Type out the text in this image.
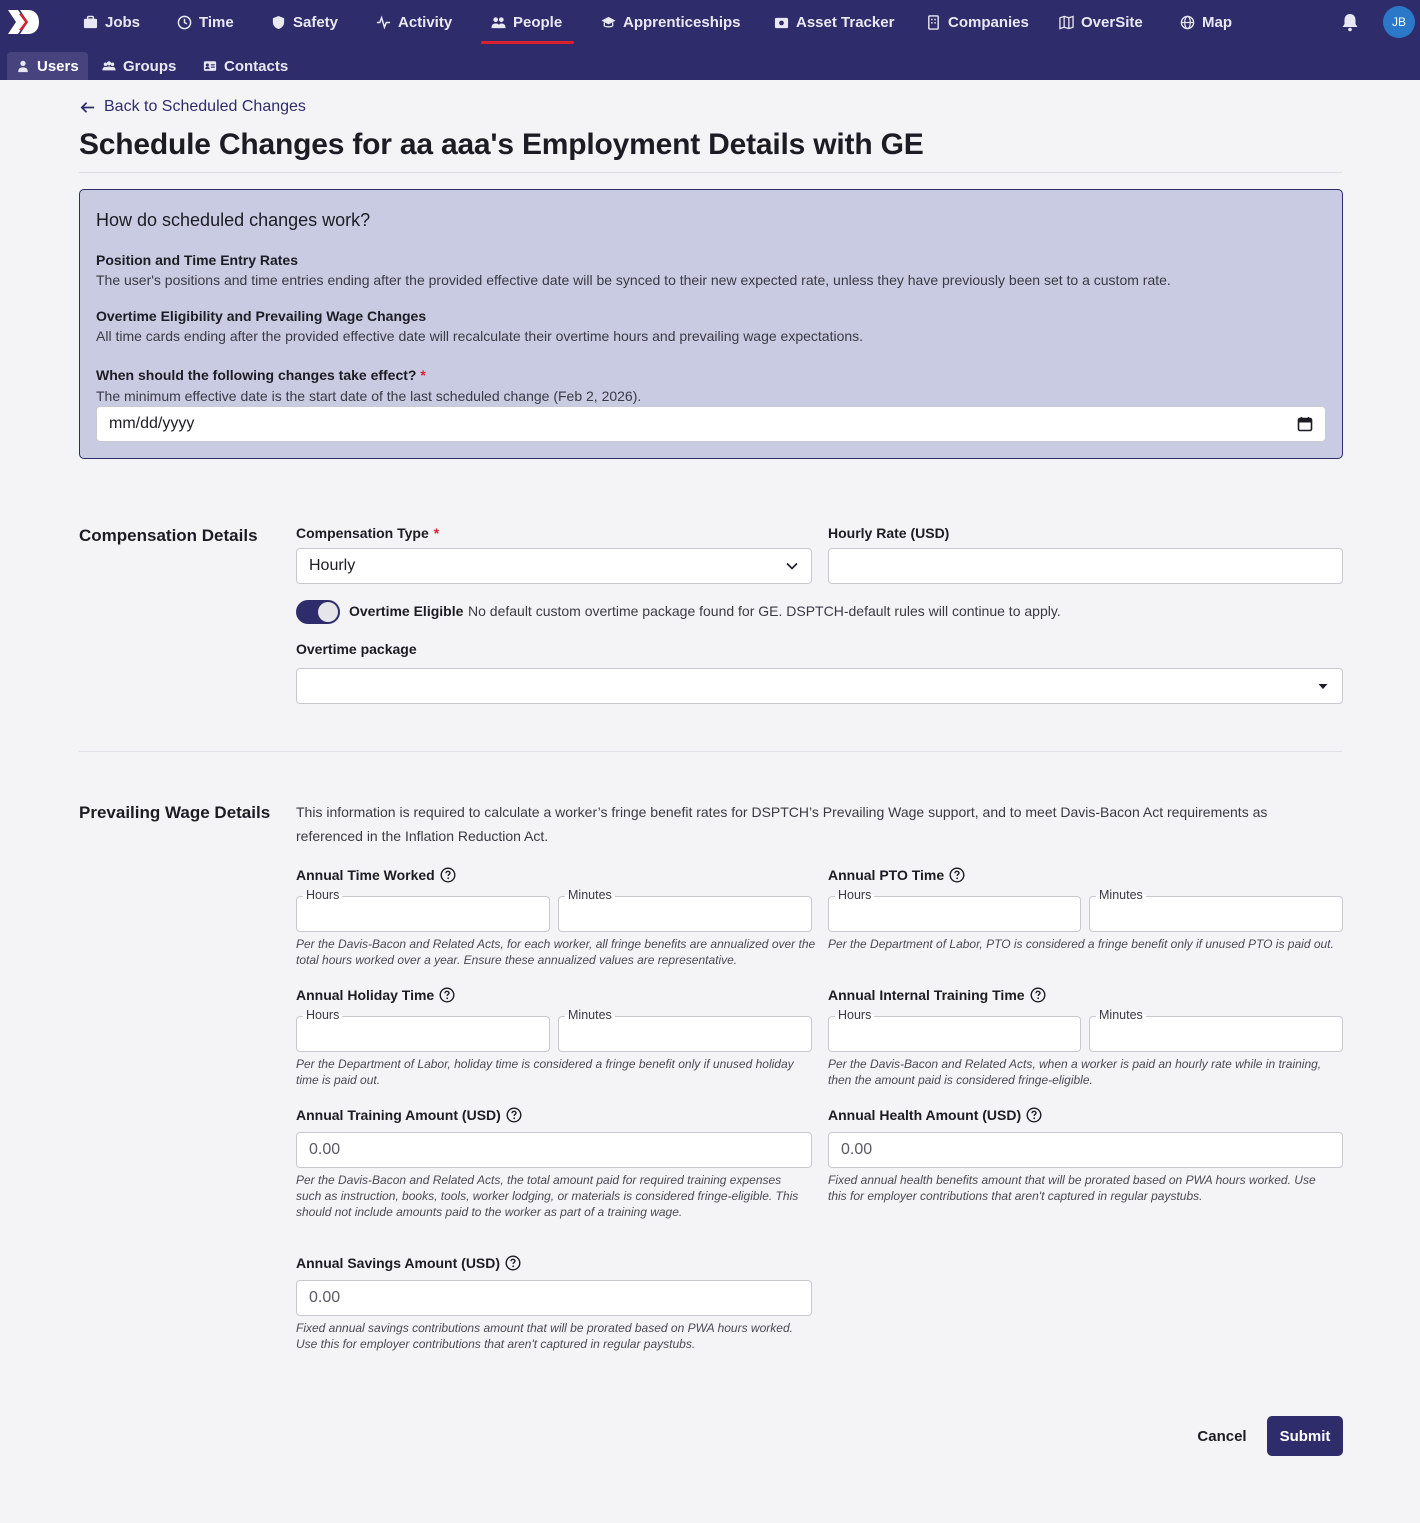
Jobs	Time	Safety	Activity	People	Apprenticeships	Asset Tracker	Companies	OverSite	Map	JB
Users	Groups	Contacts
Back to Scheduled Changes
Schedule Changes for aa aaa's Employment Details with GE
How do scheduled changes work?
Position and Time Entry Rates
The user's positions and time entries ending after the provided effective date will be synced to their new expected rate, unless they have previously been set to a custom rate.
Overtime Eligibility and Prevailing Wage Changes
All time cards ending after the provided effective date will recalculate their overtime hours and prevailing wage expectations.
When should the following changes take effect? *
The minimum effective date is the start date of the last scheduled change (Feb 2, 2026).
mm/dd/yyyy
Compensation Details	Compensation Type *
Hourly
Hourly Rate (USD)
Overtime Eligible No default custom overtime package found for GE. DSPTCH-default rules will continue to apply.
Overtime package
Prevailing Wage Details This information is required to calculate a worker’s fringe benefit rates for DSPTCH’s Prevailing Wage support, and to meet Davis-Bacon Act requirements as referenced in the Inflation Reduction Act.
Annual Time Worked
Hours	Minutes
Per the Davis-Bacon and Related Acts, for each worker, all fringe benefits are annualized over the total hours worked over a year. Ensure these annualized values are representative.
Annual PTO Time
Hours	Minutes
Per the Department of Labor, PTO is considered a fringe benefit only if unused PTO is paid out.
Annual Holiday Time
Hours	Minutes
Per the Department of Labor, holiday time is considered a fringe benefit only if unused holiday time is paid out.
Annual Internal Training Time
Hours	Minutes
Per the Davis-Bacon and Related Acts, when a worker is paid an hourly rate while in training, then the amount paid is considered fringe-eligible.
Annual Training Amount (USD)
0.00
Per the Davis-Bacon and Related Acts, the total amount paid for required training expenses such as instruction, books, tools, worker lodging, or materials is considered fringe-eligible. This should not include amounts paid to the worker as part of a training wage.
Annual Health Amount (USD)
0.00
Fixed annual health benefits amount that will be prorated based on PWA hours worked. Use this for employer contributions that aren't captured in regular paystubs.
Annual Savings Amount (USD)
0.00
Fixed annual savings contributions amount that will be prorated based on PWA hours worked. Use this for employer contributions that aren't captured in regular paystubs.
Cancel	Submit
